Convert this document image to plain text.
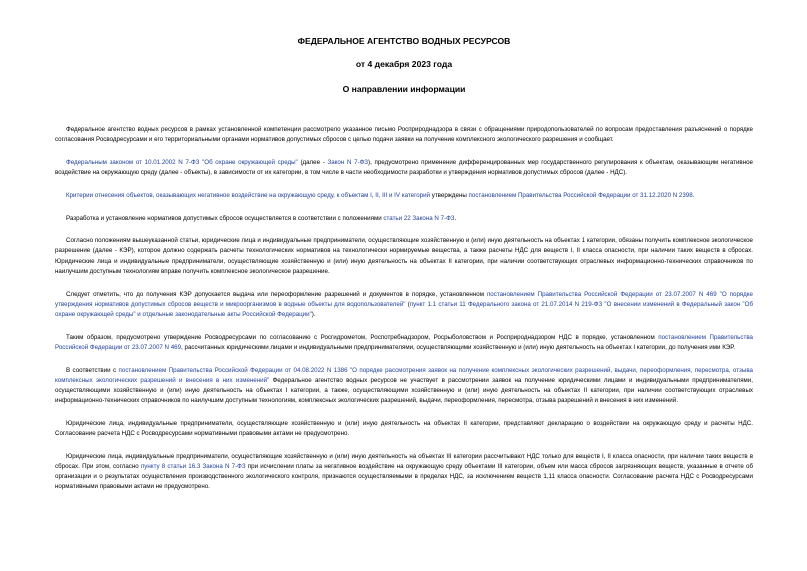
ФЕДЕРАЛЬНОЕ АГЕНТСТВО ВОДНЫХ РЕСУРСОВ
от 4 декабря 2023 года
О направлении информации

Федеральное агентство водных ресурсов в рамках установленной компетенции рассмотрело указанное письмо Росприроднадзора в связи с обращениями природопользователей по вопросам предоставления разъяснений о порядке согласования Росводресурсами и его территориальными органами нормативов допустимых сбросов с целью подачи заявки на получение комплексного экологического разрешения и сообщает.

Федеральным законом от 10.01.2002 N 7-ФЗ "Об охране окружающей среды" (далее - Закон N 7-ФЗ), предусмотрено применение дифференцированных мер государственного регулирования к объектам, оказывающим негативное воздействие на окружающую среду (далее - объекты), в зависимости от их категории, в том числе в части необходимости разработки и утверждения нормативов допустимых сбросов (далее - НДС).

Критерии отнесения объектов, оказывающих негативное воздействие на окружающую среду, к объектам I, II, III и IV категорий утверждены постановлением Правительства Российской Федерации от 31.12.2020 N 2398.

Разработка и установление нормативов допустимых сбросов осуществляется в соответствии с положениями статьи 22 Закона N 7-ФЗ.

Согласно положениям вышеуказанной статьи, юридические лица и индивидуальные предприниматели, осуществляющие хозяйственную и (или) иную деятельность на объектах 1 категории, обязаны получить комплексное экологическое разрешение (далее - КЭР), которое должно содержать расчеты технологических нормативов на технологически нормируемые вещества, а также расчеты НДС для веществ I, II класса опасности, при наличии таких веществ в сбросах. Юридические лица и индивидуальные предприниматели, осуществляющие хозяйственную и (или) иную деятельность на объектах II категории, при наличии соответствующих отраслевых информационно-технических справочников по наилучшим доступным технологиям вправе получить комплексное экологическое разрешение.

Следует отметить, что до получения КЭР допускается выдача или переоформление разрешений и документов в порядке, установленном постановлением Правительства Российской Федерации от 23.07.2007 N 469 "О порядке утверждения нормативов допустимых сбросов веществ и микроорганизмов в водные объекты для водопользователей" (пункт 1.1 статьи 11 Федерального закона от 21.07.2014 N 219-ФЗ "О внесении изменений в Федеральный закон "Об охране окружающей среды" и отдельные законодательные акты Российской Федерации").

Таким образом, предусмотрено утверждение Росводресурсами по согласованию с Росгидрометом, Роспотребнадзором, Росрыболовством и Росприроднадзором НДС в порядке, установленном постановлением Правительства Российской Федерации от 23.07.2007 N 469, рассчитанных юридическими лицами и индивидуальными предпринимателями, осуществляющими хозяйственную и (или) иную деятельность на объектах I категории, до получения ими КЭР.

В соответствии с постановлением Правительства Российской Федерации от 04.08.2022 N 1386 "О порядке рассмотрения заявок на получение комплексных экологических разрешений, выдачи, переоформления, пересмотра, отзыва комплексных экологических разрешений и внесения в них изменений" Федеральное агентство водных ресурсов не участвует в рассмотрении заявок на получение юридическими лицами и индивидуальными предпринимателями, осуществляющими хозяйственную и (или) иную деятельность на объектах I категории, а также, осуществляющими хозяйственную и (или) иную деятельность на объектах II категории, при наличии соответствующих отраслевых информационно-технических справочников по наилучшим доступным технологиям, комплексных экологических разрешений, выдачи, переоформления, пересмотра, отзыва разрешений и внесения в них изменений.

Юридические лица, индивидуальные предприниматели, осуществляющие хозяйственную и (или) иную деятельность на объектах II категории, представляют декларацию о воздействии на окружающую среду и расчеты НДС. Согласование расчета НДС с Росводресурсами нормативными правовыми актами не предусмотрено.

Юридические лица, индивидуальные предприниматели, осуществляющие хозяйственную и (или) иную деятельность на объектах III категории рассчитывают НДС только для веществ I, II класса опасности, при наличии таких веществ в сбросах. При этом, согласно пункту 8 статьи 16.3 Закона N 7-ФЗ при исчислении платы за негативное воздействие на окружающую среду объектами III категории, объем или масса сбросов загрязняющих веществ, указанные в отчете об организации и о результатах осуществления производственного экологического контроля, признаются осуществляемыми в пределах НДС, за исключением веществ 1,11 класса опасности. Согласование расчета НДС с Росводресурсами нормативными правовыми актами не предусмотрено.
